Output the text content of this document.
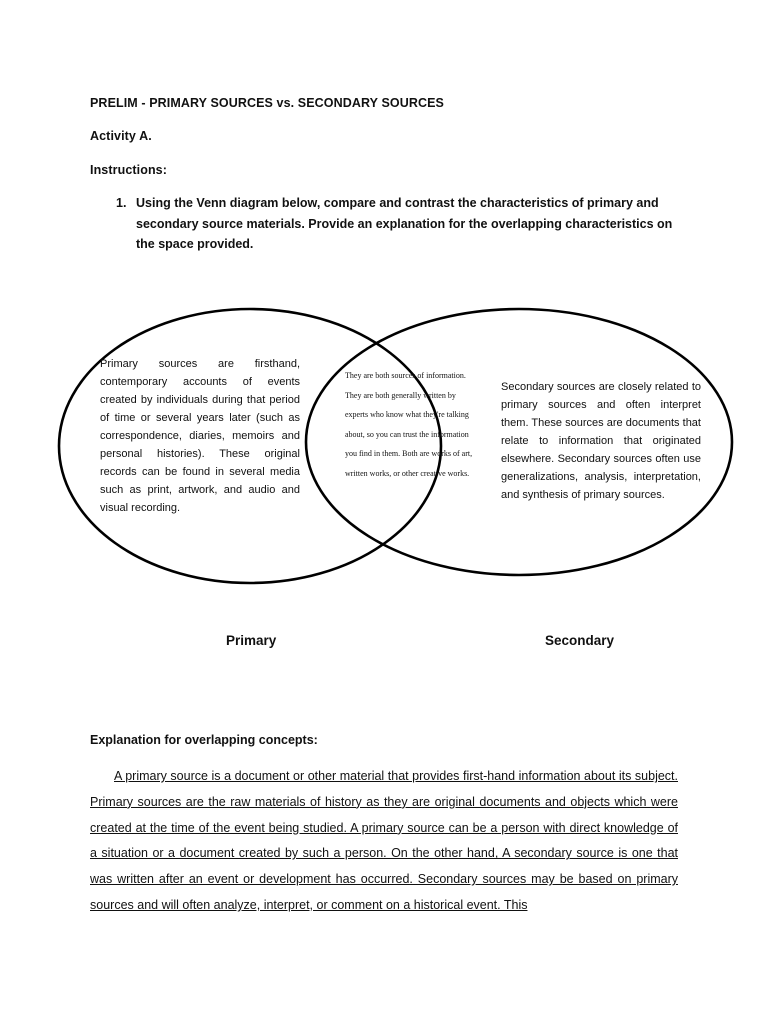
PRELIM - PRIMARY SOURCES vs. SECONDARY SOURCES
Activity A.
Instructions:
1. Using the Venn diagram below, compare and contrast the characteristics of primary and secondary source materials. Provide an explanation for the overlapping characteristics on the space provided.
Primary sources are firsthand, contemporary accounts of events created by individuals during that period of time or several years later (such as correspondence, diaries, memoirs and personal histories). These original records can be found in several media such as print, artwork, and audio and visual recording.
They are both sources of information. They are both generally written by experts who know what they're talking about, so you can trust the information you find in them. Both are works of art, written works, or other creative works.
Secondary sources are closely related to primary sources and often interpret them. These sources are documents that relate to information that originated elsewhere. Secondary sources often use generalizations, analysis, interpretation, and synthesis of primary sources.
Primary	Secondary
Explanation for overlapping concepts:
A primary source is a document or other material that provides first-hand information about its subject. Primary sources are the raw materials of history as they are original documents and objects which were created at the time of the event being studied. A primary source can be a person with direct knowledge of a situation or a document created by such a person. On the other hand, A secondary source is one that was written after an event or development has occurred. Secondary sources may be based on primary sources and will often analyze, interpret, or comment on a historical event. This
